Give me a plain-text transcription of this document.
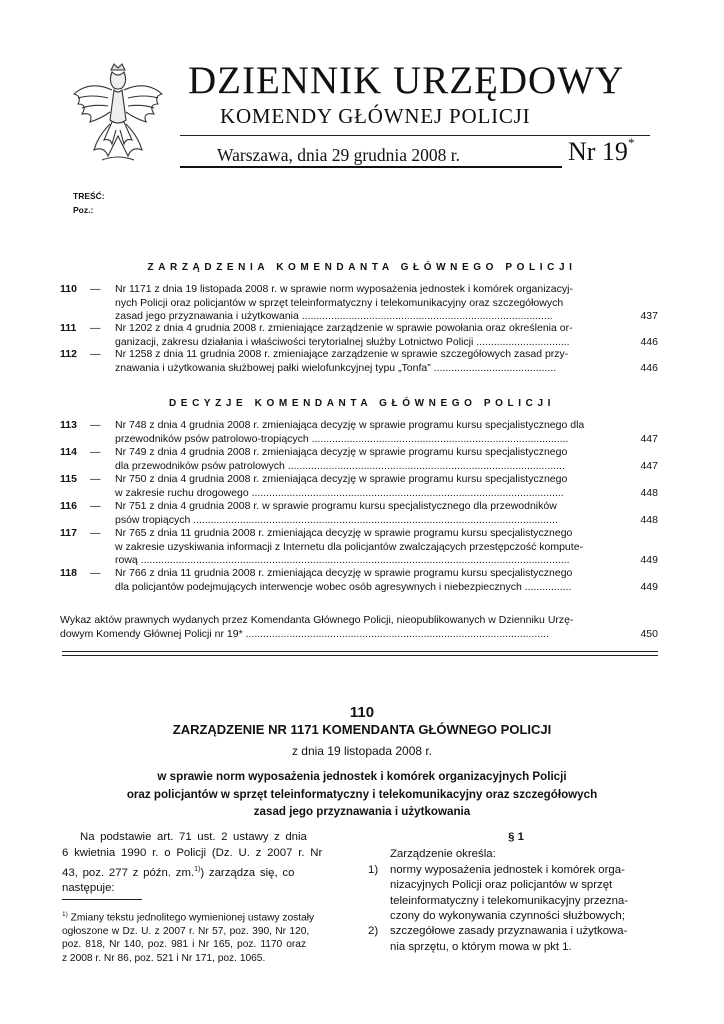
DZIENNIK URZĘDOWY
KOMENDY GŁÓWNEJ POLICJI
Warszawa, dnia 29 grudnia 2008 r.	Nr 19*
TREŚĆ:
Poz.:
ZARZĄDZENIA KOMENDANTA GŁÓWNEGO POLICJI
110 — Nr 1171 z dnia 19 listopada 2008 r. w sprawie norm wyposażenia jednostek i komórek organizacyj-
nych Policji oraz policjantów w sprzęt teleinformatyczny i telekomunikacyjny oraz szczegółowych
zasad jego przyznawania i użytkowania ......................................................................................	437
111 — Nr 1202 z dnia 4 grudnia 2008 r. zmieniające zarządzenie w sprawie powołania oraz określenia or-
ganizacji, zakresu działania i właściwości terytorialnej służby Lotnictwo Policji ................................	446
112 — Nr 1258 z dnia 11 grudnia 2008 r. zmieniające zarządzenie w sprawie szczegółowych zasad przy-
znawania i użytkowania służbowej pałki wielofunkcyjnej typu „Tonfa” ..........................................	446
DECYZJE KOMENDANTA GŁÓWNEGO POLICJI
113 — Nr 748 z dnia 4 grudnia 2008 r. zmieniająca decyzję w sprawie programu kursu specjalistycznego dla
przewodników psów patrolowo-tropiących ........................................................................................	447
114 — Nr 749 z dnia 4 grudnia 2008 r. zmieniająca decyzję w sprawie programu kursu specjalistycznego
dla przewodników psów patrolowych ...............................................................................................	447
115 — Nr 750 z dnia 4 grudnia 2008 r. zmieniająca decyzję w sprawie programu kursu specjalistycznego
w zakresie ruchu drogowego ...........................................................................................................	448
116 — Nr 751 z dnia 4 grudnia 2008 r. w sprawie programu kursu specjalistycznego dla przewodników
psów tropiących .............................................................................................................................	448
117 — Nr 765 z dnia 11 grudnia 2008 r. zmieniająca decyzję w sprawie programu kursu specjalistycznego
w zakresie uzyskiwania informacji z Internetu dla policjantów zwalczających przestępczość kompute-
rową ...................................................................................................................................................	449
118 — Nr 766 z dnia 11 grudnia 2008 r. zmieniająca decyzję w sprawie programu kursu specjalistycznego
dla policjantów podejmujących interwencje wobec osób agresywnych i niebezpiecznych ................	449
Wykaz aktów prawnych wydanych przez Komendanta Głównego Policji, nieopublikowanych w Dzienniku Urzę-
dowym Komendy Głównej Policji nr 19* ........................................................................................................	450
110
ZARZĄDZENIE NR 1171 KOMENDANTA GŁÓWNEGO POLICJI
z dnia 19 listopada 2008 r.
w sprawie norm wyposażenia jednostek i komórek organizacyjnych Policji
oraz policjantów w sprzęt teleinformatyczny i telekomunikacyjny oraz szczegółowych
zasad jego przyznawania i użytkowania
Na podstawie art. 71 ust. 2 ustawy z dnia
6 kwietnia 1990 r. o Policji (Dz. U. z 2007 r. Nr
43, poz. 277 z późn. zm.$^{1)}$) zarządza się, co
następuje:
$^{1)}$ Zmiany tekstu jednolitego wymienionej ustawy zostały
ogłoszone w Dz. U. z 2007 r. Nr 57, poz. 390, Nr 120,
poz. 818, Nr 140, poz. 981 i Nr 165, poz. 1170 oraz
z 2008 r. Nr 86, poz. 521 i Nr 171, poz. 1065.
§ 1
Zarządzenie określa:
1) normy wyposażenia jednostek i komórek orga-
nizacyjnych Policji oraz policjantów w sprzęt
teleinformatyczny i telekomunikacyjny przezna-
czony do wykonywania czynności służbowych;
2) szczegółowe zasady przyznawania i użytkowa-
nia sprzętu, o którym mowa w pkt 1.
